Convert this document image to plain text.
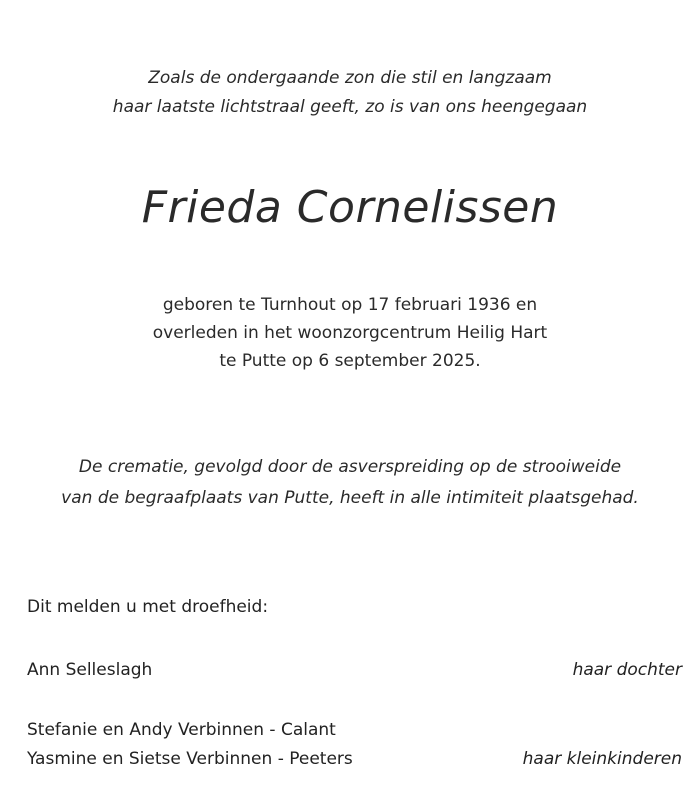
Zoals de ondergaande zon die stil en langzaam
haar laatste lichtstraal geeft, zo is van ons heengegaan
Frieda Cornelissen
geboren te Turnhout op 17 februari 1936 en
overleden in het woonzorgcentrum Heilig Hart
te Putte op 6 september 2025.
De crematie, gevolgd door de asverspreiding op de strooiweide
van de begraafplaats van Putte, heeft in alle intimiteit plaatsgehad.
Dit melden u met droefheid:
Ann Selleslagh	haar dochter
Stefanie en Andy Verbinnen - Calant
Yasmine en Sietse Verbinnen - Peeters	haar kleinkinderen
